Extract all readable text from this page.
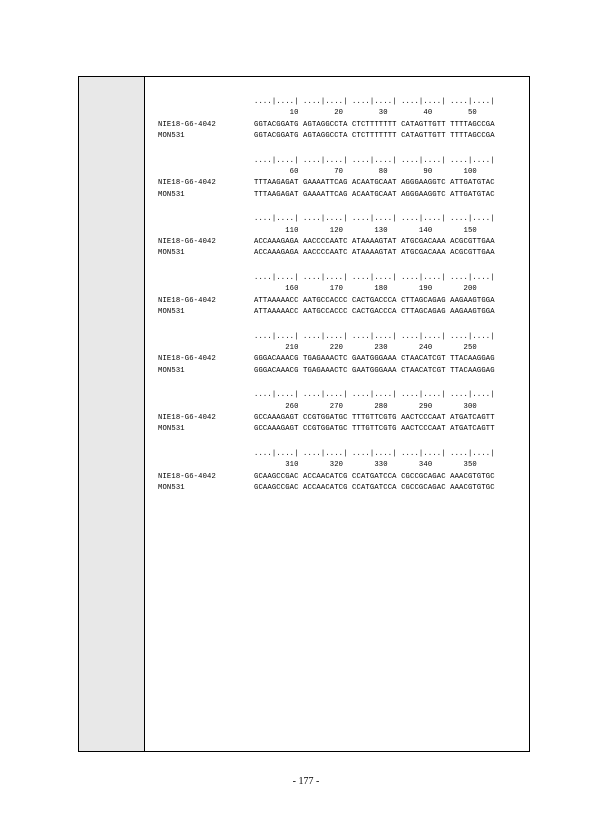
....|....| ....|....| ....|....| ....|....| ....|....|
10        20        30        40        50
NIE18-G6-4042	GGTACGGATG AGTAGGCCTA CTCTTTTTTT CATAGTTGTT TTTTAGCCGA
MON531	GGTACGGATG AGTAGGCCTA CTCTTTTTTT CATAGTTGTT TTTTAGCCGA
....|....| ....|....| ....|....| ....|....| ....|....|
60        70        80        90       100
NIE18-G6-4042	TTTAAGAGAT GAAAATTCAG ACAATGCAAT AGGGAAGGTC ATTGATGTAC
MON531	TTTAAGAGAT GAAAATTCAG ACAATGCAAT AGGGAAGGTC ATTGATGTAC
....|....| ....|....| ....|....| ....|....| ....|....|
110       120       130       140       150
NIE18-G6-4042	ACCAAAGAGA AACCCCAATC ATAAAAGTAT ATGCGACAAA ACGCGTTGAA
MON531	ACCAAAGAGA AACCCCAATC ATAAAAGTAT ATGCGACAAA ACGCGTTGAA
....|....| ....|....| ....|....| ....|....| ....|....|
160       170       180       190       200
NIE18-G6-4042	ATTAAAAACC AATGCCACCC CACTGACCCA CTTAGCAGAG AAGAAGTGGA
MON531	ATTAAAAACC AATGCCACCC CACTGACCCA CTTAGCAGAG AAGAAGTGGA
....|....| ....|....| ....|....| ....|....| ....|....|
210       220       230       240       250
NIE18-G6-4042	GGGACAAACG TGAGAAACTC GAATGGGAAA CTAACATCGT TTACAAGGAG
MON531	GGGACAAACG TGAGAAACTC GAATGGGAAA CTAACATCGT TTACAAGGAG
....|....| ....|....| ....|....| ....|....| ....|....|
260       270       280       290       300
NIE18-G6-4042	GCCAAAGAGT CCGTGGATGC TTTGTTCGTG AACTCCCAAT ATGATCAGTT
MON531	GCCAAAGAGT CCGTGGATGC TTTGTTCGTG AACTCCCAAT ATGATCAGTT
....|....| ....|....| ....|....| ....|....| ....|....|
310       320       330       340       350
NIE18-G6-4042	GCAAGCCGAC ACCAACATCG CCATGATCCA CGCCGCAGAC AAACGTGTGC
MON531	GCAAGCCGAC ACCAACATCG CCATGATCCA CGCCGCAGAC AAACGTGTGC
- 177 -
